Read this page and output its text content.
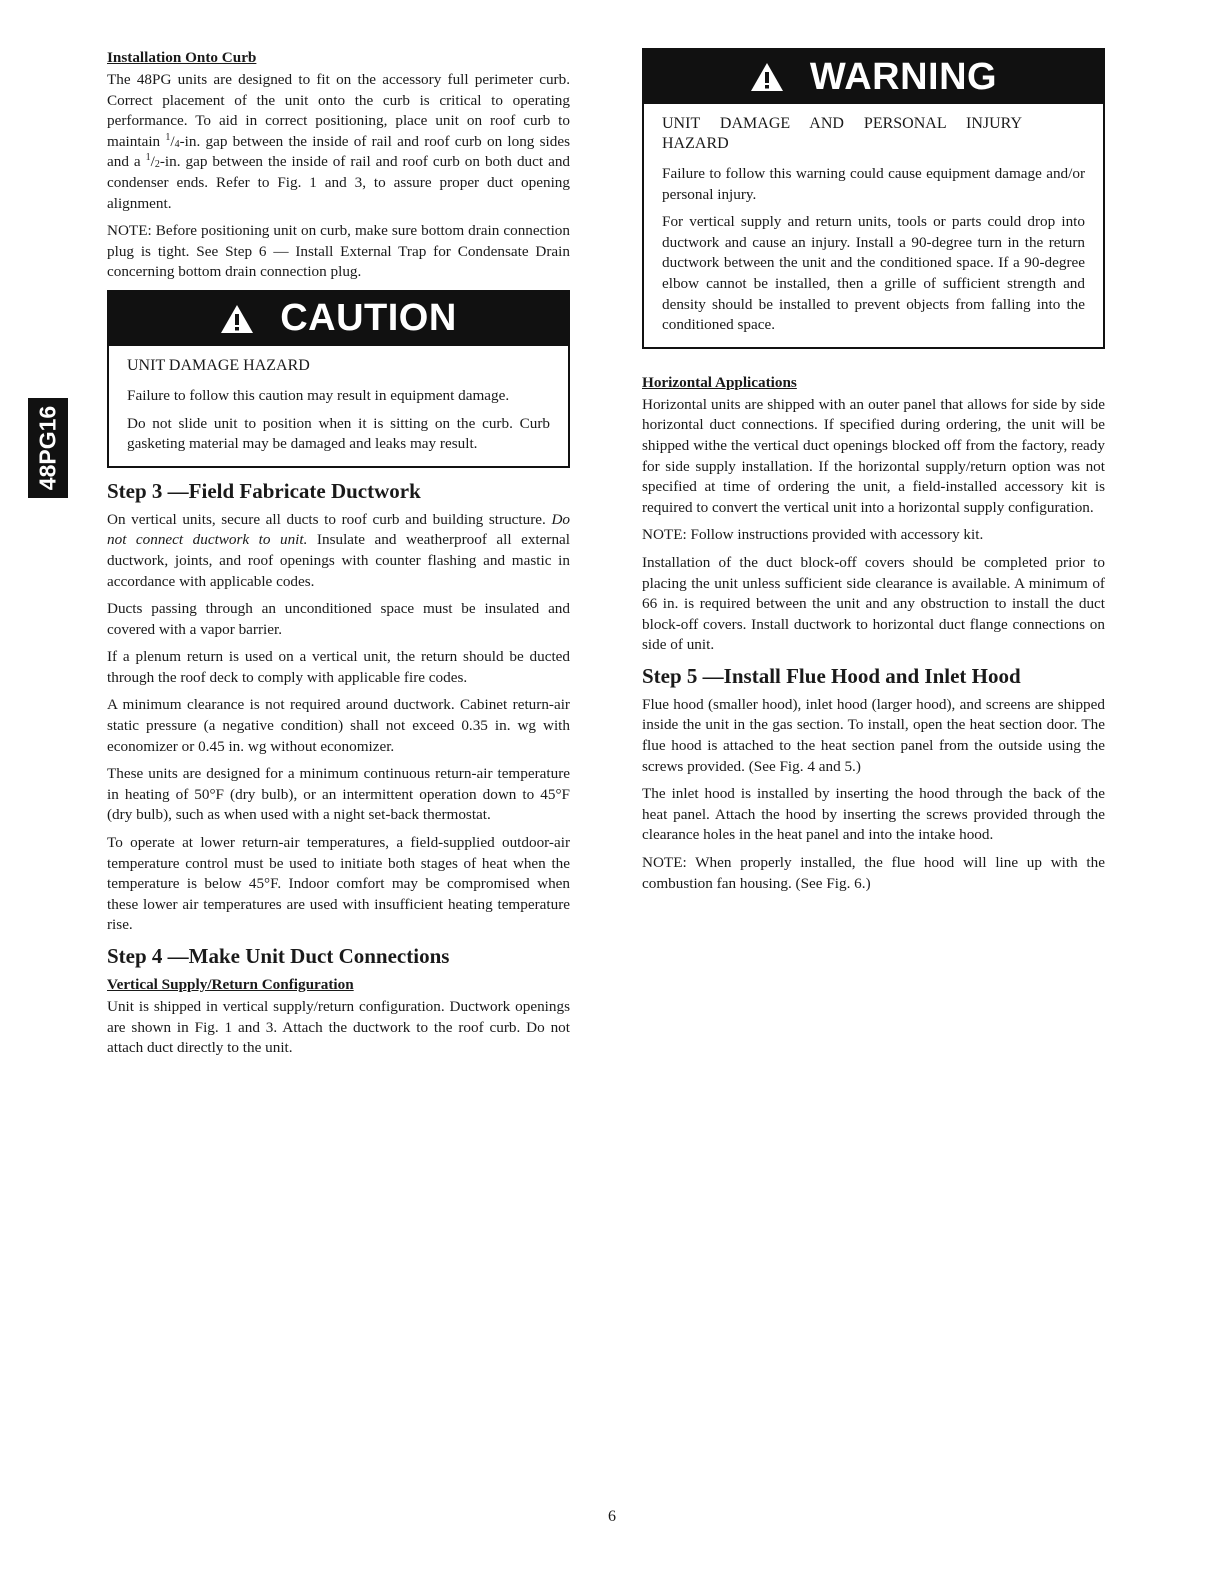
48PG16
Installation Onto Curb

The 48PG units are designed to fit on the accessory full perimeter curb. Correct placement of the unit onto the curb is critical to operating performance. To aid in correct positioning, place unit on roof curb to maintain $^1/_4-in$. gap between the inside of rail and roof curb on long sides and a $^1/_2-in$. gap between the inside of rail and roof curb on both duct and condenser ends. Refer to Fig. 1 and 3, to assure proper duct opening alignment.

NOTE: Before positioning unit on curb, make sure bottom drain connection plug is tight. See Step 6 — Install External Trap for Condensate Drain concerning bottom drain connection plug.

CAUTION
UNIT DAMAGE HAZARD

Failure to follow this caution may result in equipment damage.

Do not slide unit to position when it is sitting on the curb. Curb gasketing material may be damaged and leaks may result.

Step 3 —Field Fabricate Ductwork

On vertical units, secure all ducts to roof curb and building structure. Do not connect ductwork to unit. Insulate and weatherproof all external ductwork, joints, and roof openings with counter flashing and mastic in accordance with applicable codes.

Ducts passing through an unconditioned space must be insulated and covered with a vapor barrier.

If a plenum return is used on a vertical unit, the return should be ducted through the roof deck to comply with applicable fire codes.

A minimum clearance is not required around ductwork. Cabinet return-air static pressure (a negative condition) shall not exceed 0.35 in. wg with economizer or 0.45 in. wg without economizer.

These units are designed for a minimum continuous return-air temperature in heating of 50°F (dry bulb), or an intermittent operation down to 45°F (dry bulb), such as when used with a night set-back thermostat.

To operate at lower return-air temperatures, a field-supplied outdoor-air temperature control must be used to initiate both stages of heat when the temperature is below 45°F. Indoor comfort may be compromised when these lower air temperatures are used with insufficient heating temperature rise.

Step 4 —Make Unit Duct Connections
Vertical Supply/Return Configuration

Unit is shipped in vertical supply/return configuration. Ductwork openings are shown in Fig. 1 and 3. Attach the ductwork to the roof curb. Do not attach duct directly to the unit.

WARNING
UNIT DAMAGE AND PERSONAL INJURY HAZARD

Failure to follow this warning could cause equipment damage and/or personal injury.

For vertical supply and return units, tools or parts could drop into ductwork and cause an injury. Install a 90-degree turn in the return ductwork between the unit and the conditioned space. If a 90-degree elbow cannot be installed, then a grille of sufficient strength and density should be installed to prevent objects from falling into the conditioned space.

Horizontal Applications

Horizontal units are shipped with an outer panel that allows for side by side horizontal duct connections. If specified during ordering, the unit will be shipped withe the vertical duct openings blocked off from the factory, ready for side supply installation. If the horizontal supply/return option was not specified at time of ordering the unit, a field-installed accessory kit is required to convert the vertical unit into a horizontal supply configuration.

NOTE: Follow instructions provided with accessory kit.

Installation of the duct block-off covers should be completed prior to placing the unit unless sufficient side clearance is available. A minimum of 66 in. is required between the unit and any obstruction to install the duct block-off covers. Install ductwork to horizontal duct flange connections on side of unit.

Step 5 —Install Flue Hood and Inlet Hood

Flue hood (smaller hood), inlet hood (larger hood), and screens are shipped inside the unit in the gas section. To install, open the heat section door. The flue hood is attached to the heat section panel from the outside using the screws provided. (See Fig. 4 and 5.)

The inlet hood is installed by inserting the hood through the back of the heat panel. Attach the hood by inserting the screws provided through the clearance holes in the heat panel and into the intake hood.

NOTE: When properly installed, the flue hood will line up with the combustion fan housing. (See Fig. 6.)

6
